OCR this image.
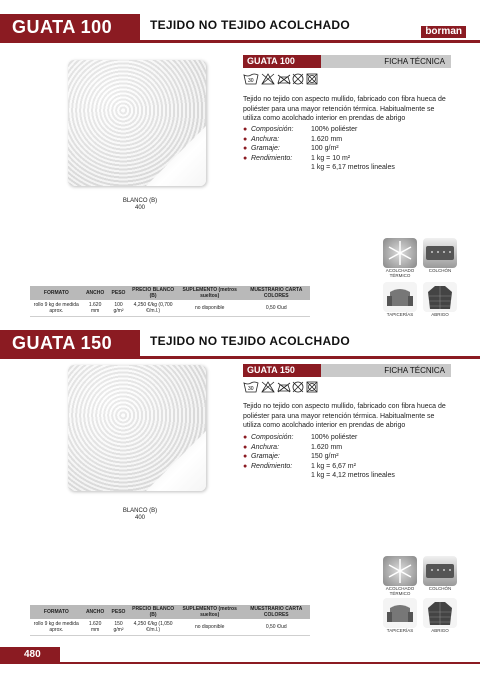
GUATA 100	TEJIDO NO TEJIDO ACOLCHADO	borman
BLANCO (B)
400
GUATA 100	FICHA TÉCNICA
30
Tejido no tejido con aspecto mullido, fabricado con fibra hueca de poliéster para una mayor retención térmica. Habitualmente se utiliza como acolchado interior en prendas de abrigo
● Composición:	100% poliéster
● Anchura:	1.620 mm
● Gramaje:	100 g/m²
● Rendimiento:	1 kg = 10 m²
1 kg = 6,17 metros lineales
ACOLCHADO TÉRMICO
COLCHÓN
TAPICERÍAS	ABRIGO
FORMATO	ANCHO	PESO	PRECIO BLANCO (B)	SUPLEMENTO (metros sueltos)	MUESTRARIO CARTA COLORES
rollo 9 kg de medida aprox.	1.620 mm	100 g/m²	4,250 €/kg (0,700 €/m.l.)	no disponible	0,50 €/ud
GUATA 150	TEJIDO NO TEJIDO ACOLCHADO
BLANCO (B)
400
GUATA 150	FICHA TÉCNICA
30
Tejido no tejido con aspecto mullido, fabricado con fibra hueca de poliéster para una mayor retención térmica. Habitualmente se utiliza como acolchado interior en prendas de abrigo
● Composición:	100% poliéster
● Anchura:	1.620 mm
● Gramaje:	150 g/m²
● Rendimiento:	1 kg = 6,67 m²
1 kg = 4,12 metros lineales
ACOLCHADO TÉRMICO
COLCHÓN
TAPICERÍAS	ABRIGO
FORMATO	ANCHO	PESO	PRECIO BLANCO (B)	SUPLEMENTO (metros sueltos)	MUESTRARIO CARTA COLORES
rollo 9 kg de medida aprox.	1.620 mm	150 g/m²	4,250 €/kg (1,050 €/m.l.)	no disponible	0,50 €/ud
480
